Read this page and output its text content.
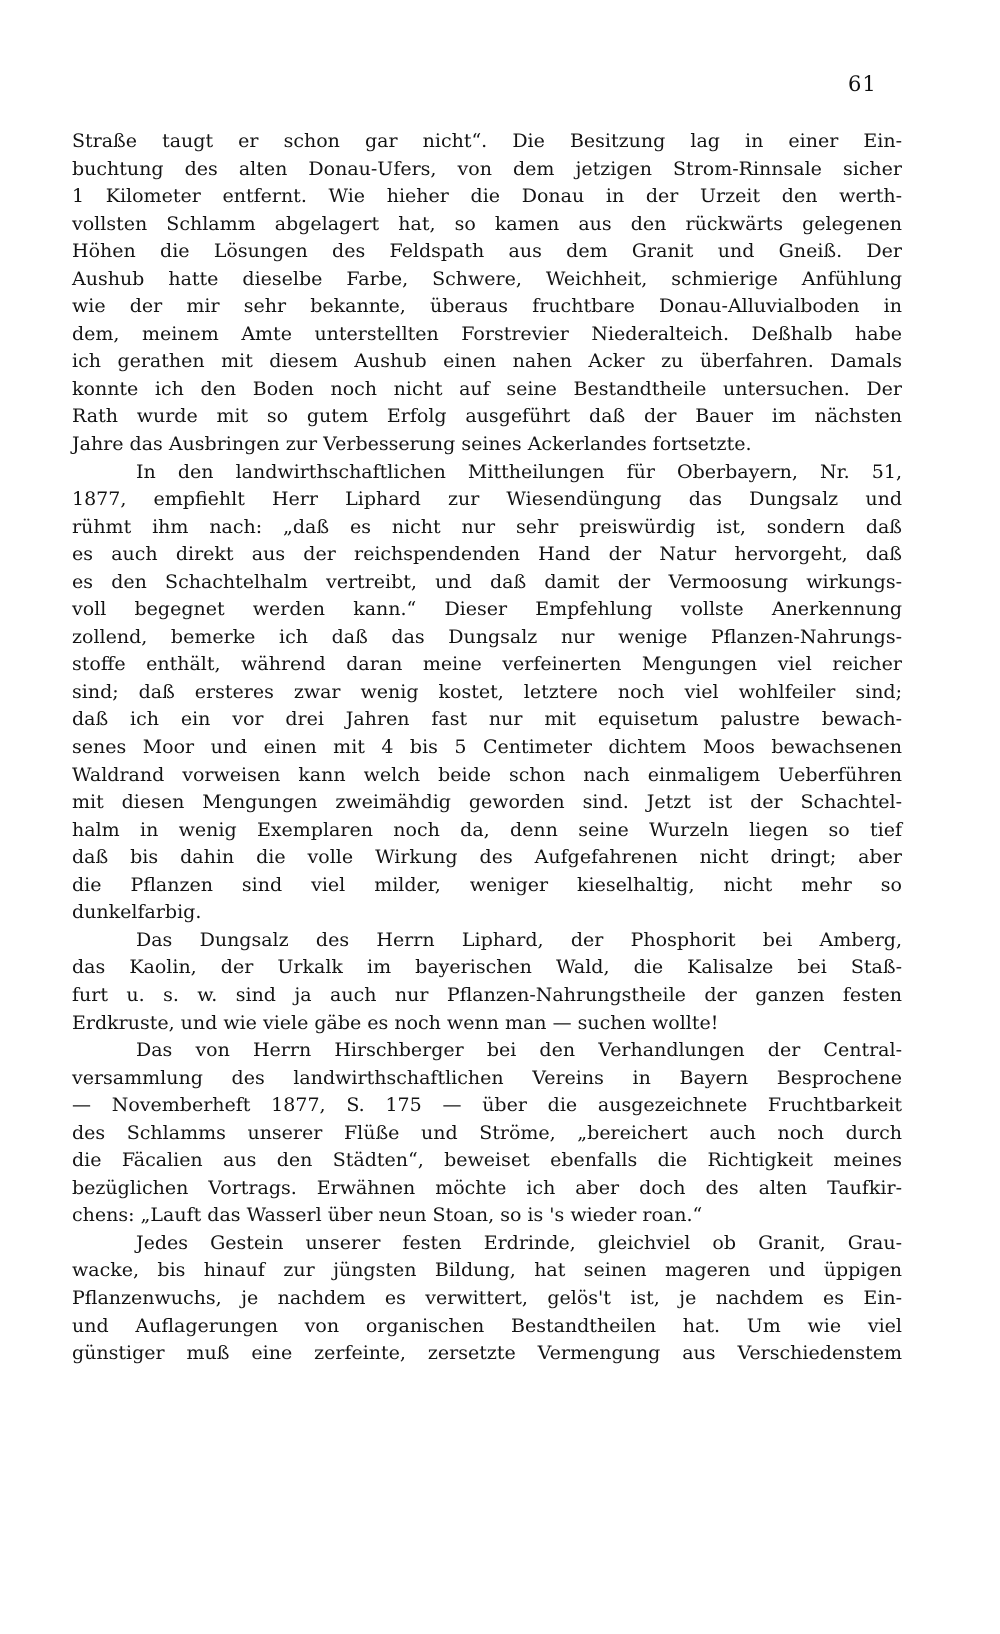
61
Straße taugt er schon gar nicht“. Die Besitzung lag in einer Ein-
buchtung des alten Donau-Ufers, von dem jetzigen Strom-Rinnsale sicher
1 Kilometer entfernt. Wie hieher die Donau in der Urzeit den werth-
vollsten Schlamm abgelagert hat, so kamen aus den rückwärts gelegenen
Höhen die Lösungen des Feldspath aus dem Granit und Gneiß. Der
Aushub hatte dieselbe Farbe, Schwere, Weichheit, schmierige Anfühlung
wie der mir sehr bekannte, überaus fruchtbare Donau-Alluvialboden in
dem, meinem Amte unterstellten Forstrevier Niederalteich. Deßhalb habe
ich gerathen mit diesem Aushub einen nahen Acker zu überfahren. Damals
konnte ich den Boden noch nicht auf seine Bestandtheile untersuchen. Der
Rath wurde mit so gutem Erfolg ausgeführt daß der Bauer im nächsten
Jahre das Ausbringen zur Verbesserung seines Ackerlandes fortsetzte.
In den landwirthschaftlichen Mittheilungen für Oberbayern, Nr. 51,
1877, empfiehlt Herr Liphard zur Wiesendüngung das Dungsalz und
rühmt ihm nach: „daß es nicht nur sehr preiswürdig ist, sondern daß
es auch direkt aus der reichspendenden Hand der Natur hervorgeht, daß
es den Schachtelhalm vertreibt, und daß damit der Vermoosung wirkungs-
voll begegnet werden kann.“ Dieser Empfehlung vollste Anerkennung
zollend, bemerke ich daß das Dungsalz nur wenige Pflanzen-Nahrungs-
stoffe enthält, während daran meine verfeinerten Mengungen viel reicher
sind; daß ersteres zwar wenig kostet, letztere noch viel wohlfeiler sind;
daß ich ein vor drei Jahren fast nur mit equisetum palustre bewach-
senes Moor und einen mit 4 bis 5 Centimeter dichtem Moos bewachsenen
Waldrand vorweisen kann welch beide schon nach einmaligem Ueberführen
mit diesen Mengungen zweimähdig geworden sind. Jetzt ist der Schachtel-
halm in wenig Exemplaren noch da, denn seine Wurzeln liegen so tief
daß bis dahin die volle Wirkung des Aufgefahrenen nicht dringt; aber
die Pflanzen sind viel milder, weniger kieselhaltig, nicht mehr so
dunkelfarbig.
Das Dungsalz des Herrn Liphard, der Phosphorit bei Amberg,
das Kaolin, der Urkalk im bayerischen Wald, die Kalisalze bei Staß-
furt u. s. w. sind ja auch nur Pflanzen-Nahrungstheile der ganzen festen
Erdkruste, und wie viele gäbe es noch wenn man — suchen wollte!
Das von Herrn Hirschberger bei den Verhandlungen der Central-
versammlung des landwirthschaftlichen Vereins in Bayern Besprochene
— Novemberheft 1877, S. 175 — über die ausgezeichnete Fruchtbarkeit
des Schlamms unserer Flüße und Ströme, „bereichert auch noch durch
die Fäcalien aus den Städten“, beweiset ebenfalls die Richtigkeit meines
bezüglichen Vortrags. Erwähnen möchte ich aber doch des alten Taufkir-
chens: „Lauft das Wasserl über neun Stoan, so is 's wieder roan.“
Jedes Gestein unserer festen Erdrinde, gleichviel ob Granit, Grau-
wacke, bis hinauf zur jüngsten Bildung, hat seinen mageren und üppigen
Pflanzenwuchs, je nachdem es verwittert, gelös't ist, je nachdem es Ein-
und Auflagerungen von organischen Bestandtheilen hat. Um wie viel
günstiger muß eine zerfeinte, zersetzte Vermengung aus Verschiedenstem
